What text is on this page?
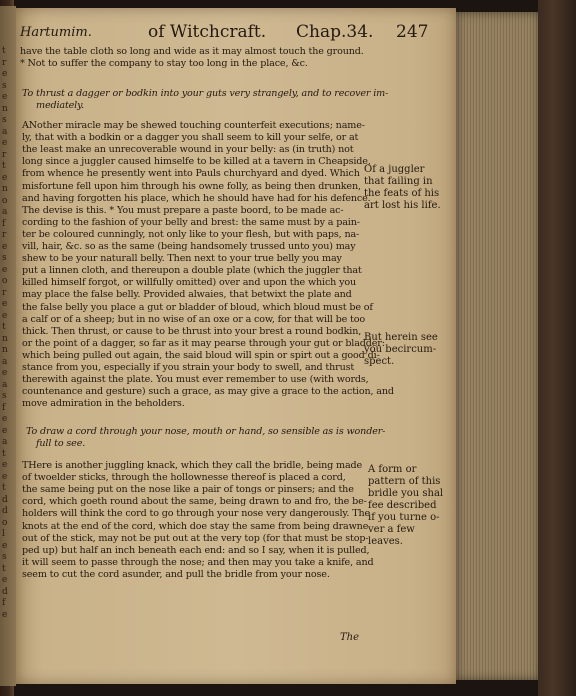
t
r
e
s
e
n
s
a
e
r
t
e
n
o
a
f
r
e
s
e
o
r
e
e
t
n
n
a
e
a
s
f
e
e
a
t
e
e
t
d
d
o
l
e
s
t
e
d
f
e
Hartumim.	of Witchcraft. Chap.34. 247
have the table cloth so long and wide as it may almost touch the ground.
* Not to suffer the company to stay too long in the place, &c.
To thrust a dagger or bodkin into your guts very strangely, and to recover im-
mediately.
ANother miracle may be shewed touching counterfeit executions; name-
ly, that with a bodkin or a dagger you shall seem to kill your selfe, or at
the least make an unrecoverable wound in your belly: as (in truth) not
long since a juggler caused himselfe to be killed at a tavern in Cheapside,
from whence he presently went into Pauls churchyard and dyed. Which
misfortune fell upon him through his owne folly, as being then drunken,
and having forgotten his place, which he should have had for his defence.
The devise is this. * You must prepare a paste boord, to be made ac-
cording to the fashion of your belly and brest: the same must by a pain-
ter be coloured cunningly, not only like to your flesh, but with paps, na-
vill, hair, &c. so as the same (being handsomely trussed unto you) may
shew to be your naturall belly. Then next to your true belly you may
put a linnen cloth, and thereupon a double plate (which the juggler that
killed himself forgot, or willfully omitted) over and upon the which you
may place the false belly. Provided alwaies, that betwixt the plate and
the false belly you place a gut or bladder of bloud, which bloud must be of
a calf or of a sheep; but in no wise of an oxe or a cow, for that will be too
thick. Then thrust, or cause to be thrust into your brest a round bodkin,
or the point of a dagger, so far as it may pearse through your gut or bladder:
which being pulled out again, the said bloud will spin or spirt out a good di-
stance from you, especially if you strain your body to swell, and thrust
therewith against the plate. You must ever remember to use (with words,
countenance and gesture) such a grace, as may give a grace to the action, and
move admiration in the beholders.
Of a juggler
that failing in
the feats of his
art lost his life.
But herein see
you becircum-
spect.
To draw a cord through your nose, mouth or hand, so sensible as is wonder-
full to see.
THere is another juggling knack, which they call the bridle, being made
of twoelder sticks, through the hollownesse thereof is placed a cord,
the same being put on the nose like a pair of tongs or pinsers; and the
cord, which goeth round about the same, being drawn to and fro, the be-
holders will think the cord to go through your nose very dangerously. The
knots at the end of the cord, which doe stay the same from being drawne
out of the stick, may not be put out at the very top (for that must be stop-
ped up) but half an inch beneath each end: and so I say, when it is pulled,
it will seem to passe through the nose; and then may you take a knife, and
seem to cut the cord asunder, and pull the bridle from your nose.
A form or
pattern of this
bridle you shal
fee described
if you turne o-
ver a few
leaves.
The
